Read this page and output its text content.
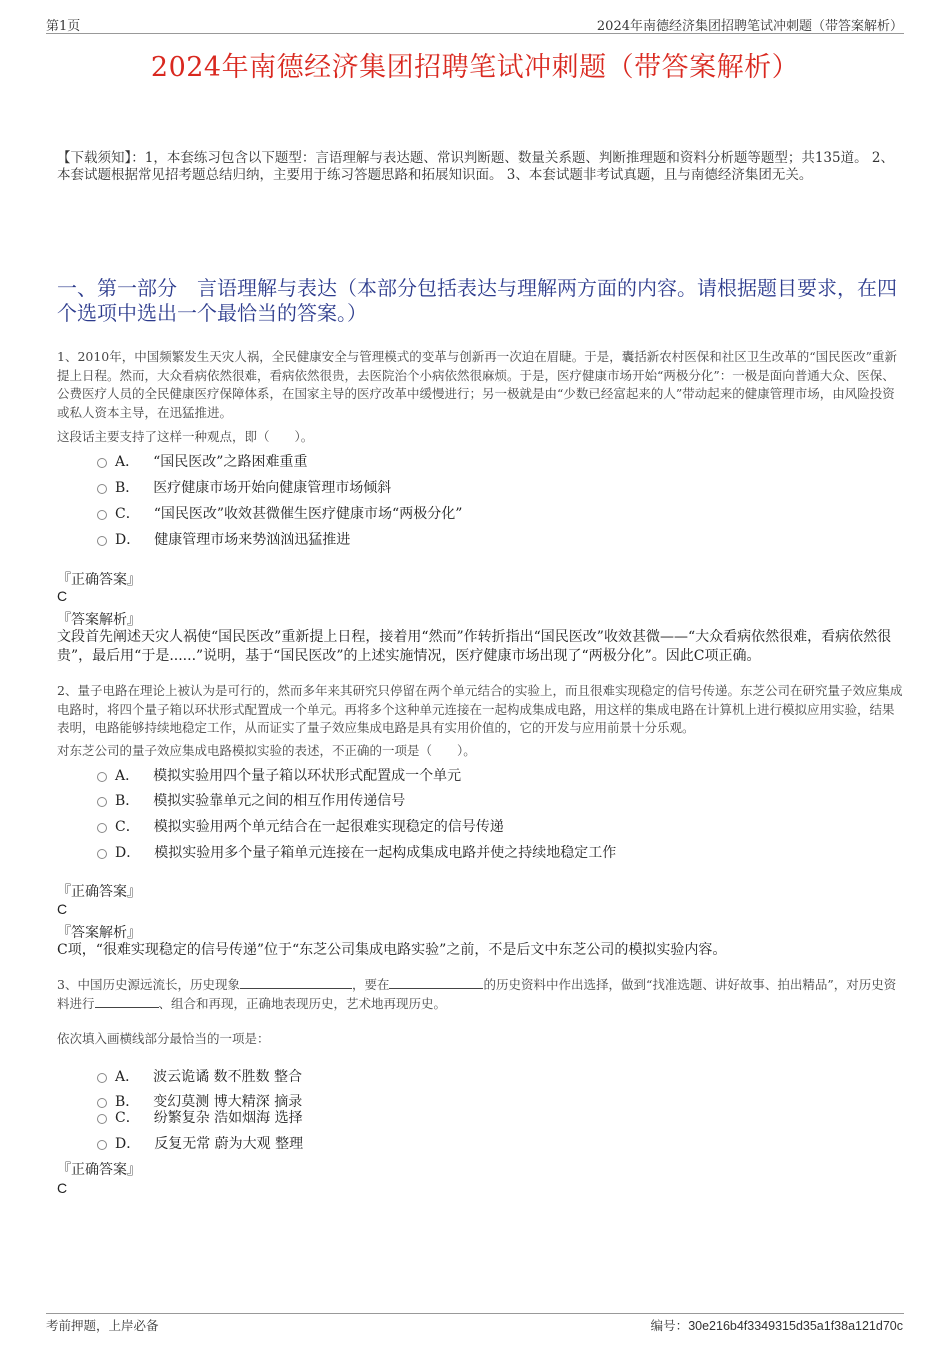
第1页	2024年南德经济集团招聘笔试冲刺题（带答案解析）
2024年南德经济集团招聘笔试冲刺题（带答案解析）
【下载须知】：1，本套练习包含以下题型：言语理解与表达题、常识判断题、数量关系题、判断推理题和资料分析题等题型；共135道。 2、本套试题根据常见招考题总结归纳，主要用于练习答题思路和拓展知识面。 3、本套试题非考试真题，且与南德经济集团无关。
一、第一部分　言语理解与表达（本部分包括表达与理解两方面的内容。请根据题目要求，在四个选项中选出一个最恰当的答案。）
1、2010年，中国频繁发生天灾人祸，全民健康安全与管理模式的变革与创新再一次迫在眉睫。于是，囊括新农村医保和社区卫生改革的“国民医改”重新提上日程。然而，大众看病依然很难，看病依然很贵，去医院治个小病依然很麻烦。于是，医疗健康市场开始“两极分化”：一极是面向普通大众、医保、公费医疗人员的全民健康医疗保障体系，在国家主导的医疗改革中缓慢进行；另一极就是由“少数已经富起来的人”带动起来的健康管理市场，由风险投资或私人资本主导，在迅猛推进。
这段话主要支持了这样一种观点，即（　　）。
A． “国民医改”之路困难重重
B． 医疗健康市场开始向健康管理市场倾斜
C． “国民医改”收效甚微催生医疗健康市场“两极分化”
D． 健康管理市场来势汹汹迅猛推进
『正确答案』
C
『答案解析』
文段首先阐述天灾人祸使“国民医改”重新提上日程，接着用“然而”作转折指出“国民医改”收效甚微——“大众看病依然很难，看病依然很贵”，最后用“于是......”说明，基于“国民医改”的上述实施情况，医疗健康市场出现了“两极分化”。因此C项正确。
2、量子电路在理论上被认为是可行的，然而多年来其研究只停留在两个单元结合的实验上，而且很难实现稳定的信号传递。东芝公司在研究量子效应集成电路时，将四个量子箱以环状形式配置成一个单元。再将多个这种单元连接在一起构成集成电路，用这样的集成电路在计算机上进行模拟应用实验，结果表明，电路能够持续地稳定工作，从而证实了量子效应集成电路是具有实用价值的，它的开发与应用前景十分乐观。
对东芝公司的量子效应集成电路模拟实验的表述，不正确的一项是（　　）。
A． 模拟实验用四个量子箱以环状形式配置成一个单元
B． 模拟实验靠单元之间的相互作用传递信号
C． 模拟实验用两个单元结合在一起很难实现稳定的信号传递
D． 模拟实验用多个量子箱单元连接在一起构成集成电路并使之持续地稳定工作
『正确答案』
C
『答案解析』
C项，“很难实现稳定的信号传递”位于“东芝公司集成电路实验”之前，不是后文中东芝公司的模拟实验内容。
3、中国历史源远流长，历史现象	，要在	的历史资料中作出选择，做到“找准选题、讲好故事、拍出精品”，对历史资料进行	、组合和再现，正确地表现历史，艺术地再现历史。
依次填入画横线部分最恰当的一项是：
A． 波云诡谲 数不胜数 整合
B． 变幻莫测 博大精深 摘录
C． 纷繁复杂 浩如烟海 选择
D． 反复无常 蔚为大观 整理
『正确答案』
C
考前押题，上岸必备	编号：30e216b4f3349315d35a1f38a121d70c
